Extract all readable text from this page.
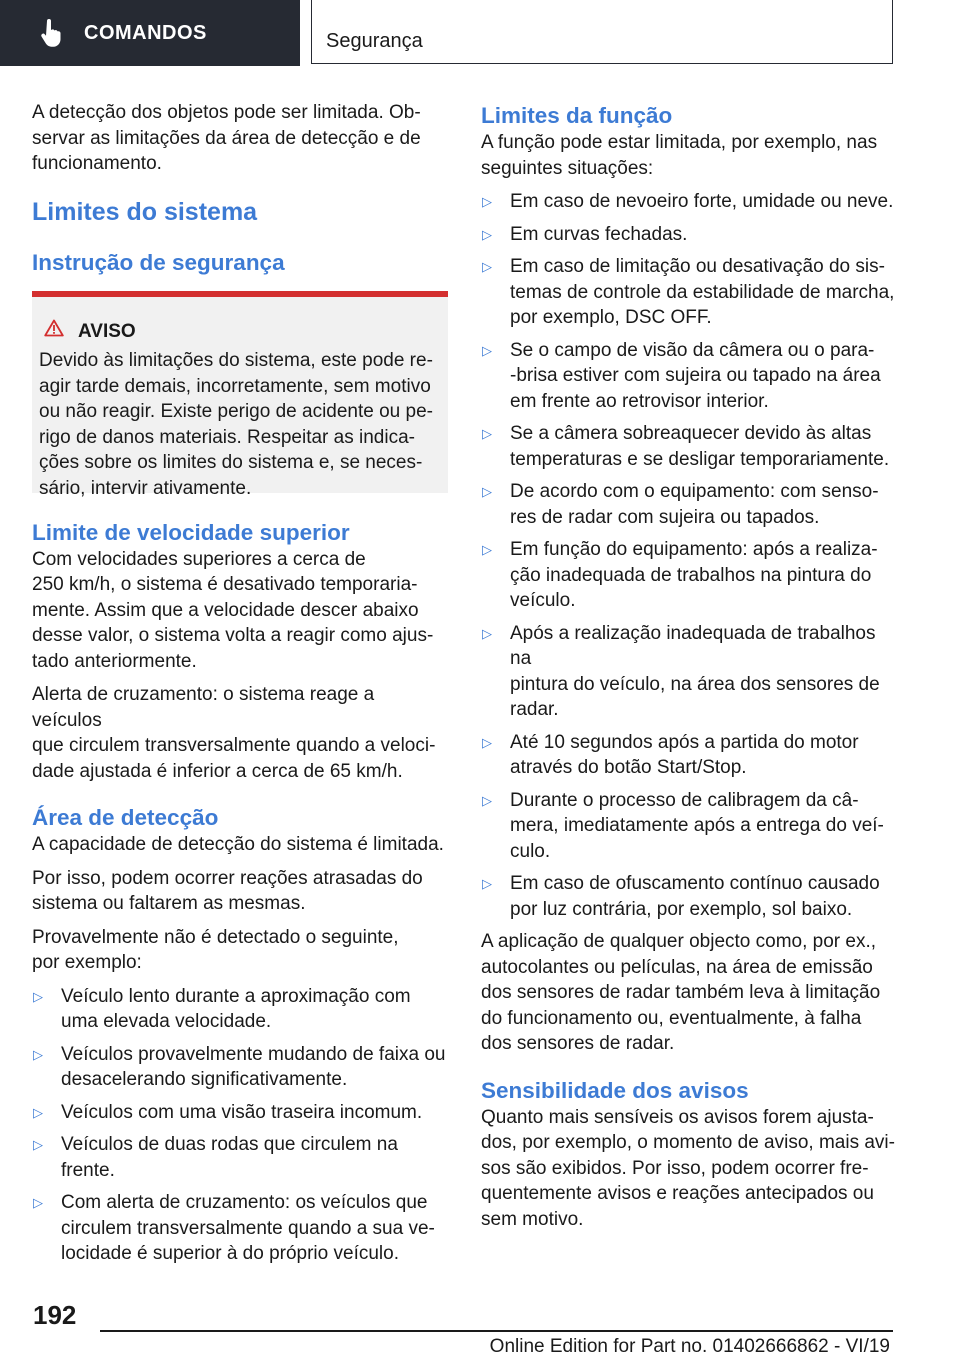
COMANDOS	Segurança

A detecção dos objetos pode ser limitada. Ob-
servar as limitações da área de detecção e de
funcionamento.

Limites do sistema
Instrução de segurança
AVISO

Devido às limitações do sistema, este pode re-
agir tarde demais, incorretamente, sem motivo
ou não reagir. Existe perigo de acidente ou pe-
rigo de danos materiais. Respeitar as indica-
ções sobre os limites do sistema e, se neces-
sário, intervir ativamente.

Limite de velocidade superior

Com velocidades superiores a cerca de
250 km/h, o sistema é desativado temporaria-
mente. Assim que a velocidade descer abaixo
desse valor, o sistema volta a reagir como ajus-
tado anteriormente.

Alerta de cruzamento: o sistema reage a veículos
que circulem transversalmente quando a veloci-
dade ajustada é inferior a cerca de 65 km/h.

Área de detecção

A capacidade de detecção do sistema é limitada.

Por isso, podem ocorrer reações atrasadas do
sistema ou faltarem as mesmas.

Provavelmente não é detectado o seguinte,
por exemplo:

▷ Veículo lento durante a aproximação com
uma elevada velocidade.
▷ Veículos provavelmente mudando de faixa ou
desacelerando significativamente.
▷ Veículos com uma visão traseira incomum.
▷ Veículos de duas rodas que circulem na
frente.
▷ Com alerta de cruzamento: os veículos que
circulem transversalmente quando a sua ve-
locidade é superior à do próprio veículo.
Limites da função

A função pode estar limitada, por exemplo, nas
seguintes situações:

▷ Em caso de nevoeiro forte, umidade ou neve.
▷ Em curvas fechadas.
▷ Em caso de limitação ou desativação do sis-
temas de controle da estabilidade de marcha,
por exemplo, DSC OFF.
▷ Se o campo de visão da câmera ou o para-
-brisa estiver com sujeira ou tapado na área
em frente ao retrovisor interior.
▷ Se a câmera sobreaquecer devido às altas
temperaturas e se desligar temporariamente.
▷ De acordo com o equipamento: com senso-
res de radar com sujeira ou tapados.
▷ Em função do equipamento: após a realiza-
ção inadequada de trabalhos na pintura do
veículo.
▷ Após a realização inadequada de trabalhos na
pintura do veículo, na área dos sensores de
radar.
▷ Até 10 segundos após a partida do motor
através do botão Start/Stop.
▷ Durante o processo de calibragem da câ-
mera, imediatamente após a entrega do veí-
culo.
▷ Em caso de ofuscamento contínuo causado
por luz contrária, por exemplo, sol baixo.

A aplicação de qualquer objecto como, por ex.,
autocolantes ou películas, na área de emissão
dos sensores de radar também leva à limitação
do funcionamento ou, eventualmente, à falha
dos sensores de radar.

Sensibilidade dos avisos

Quanto mais sensíveis os avisos forem ajusta-
dos, por exemplo, o momento de aviso, mais avi-
sos são exibidos. Por isso, podem ocorrer fre-
quentemente avisos e reações antecipados ou
sem motivo.

192
Online Edition for Part no. 01402666862 - VI/19
